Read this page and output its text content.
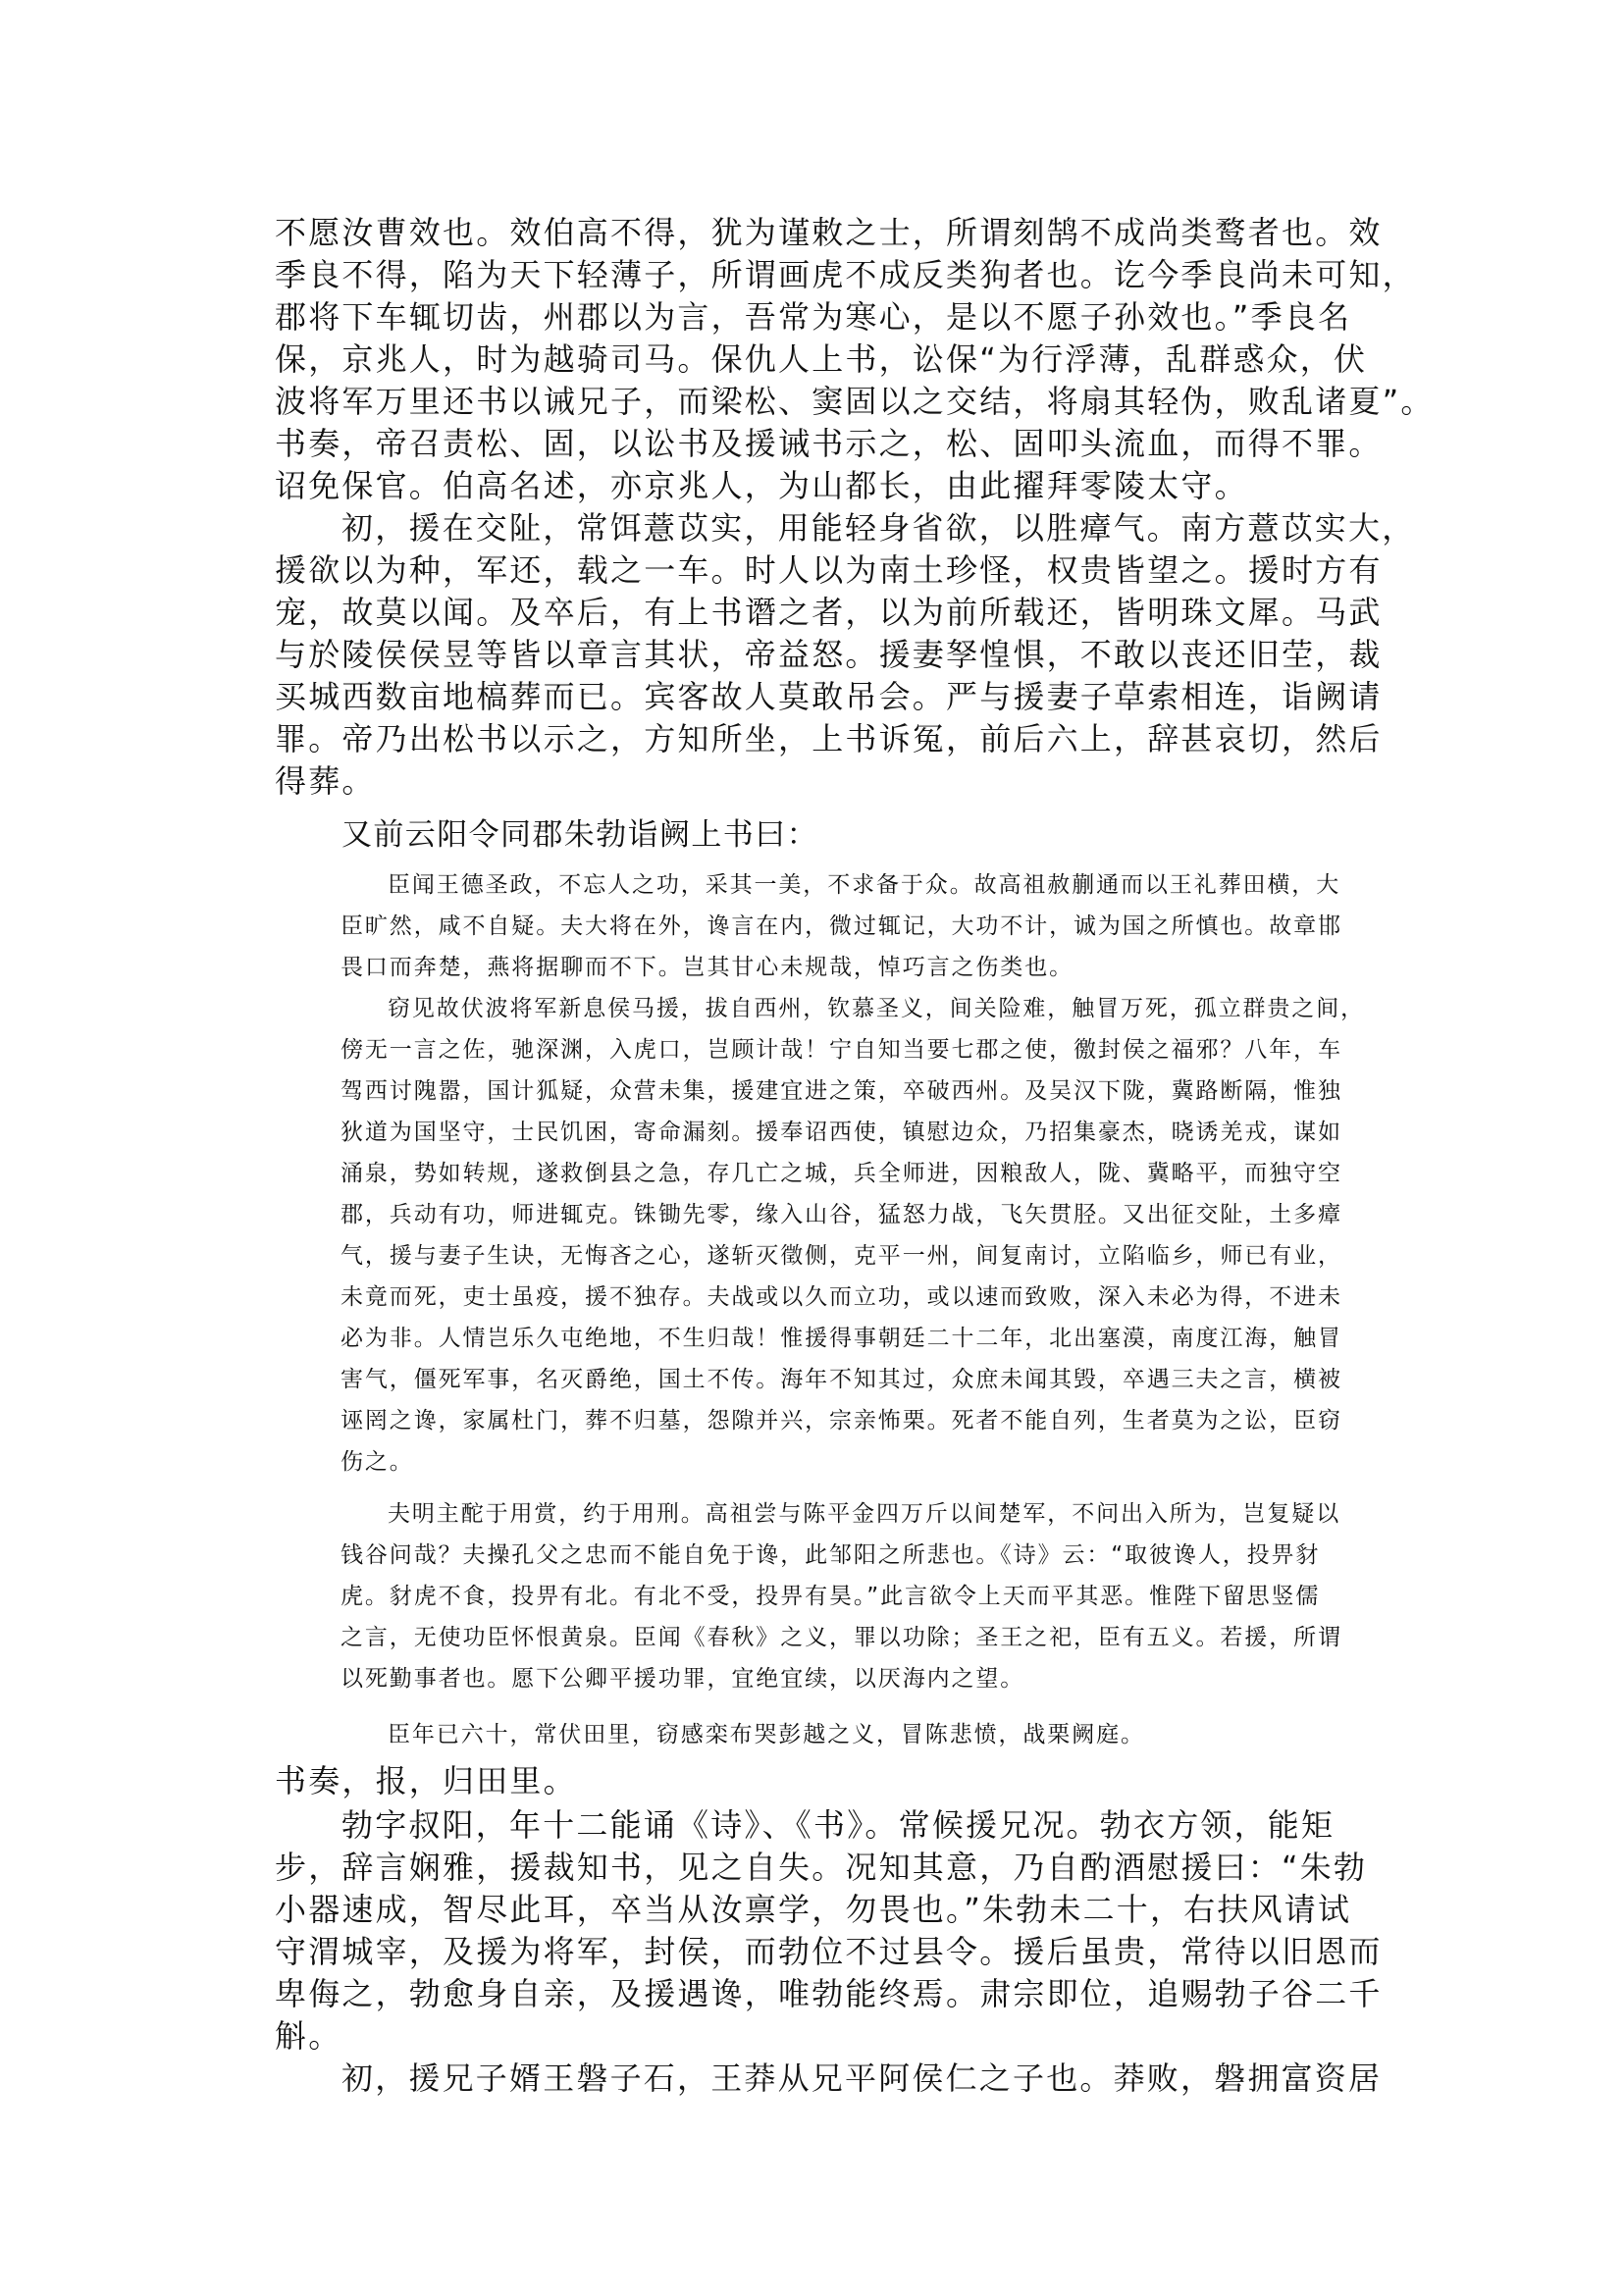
不愿汝曹效也。效伯高不得，犹为谨敕之士，所谓刻鹄不成尚类鹜者也。效
季良不得，陷为天下轻薄子，所谓画虎不成反类狗者也。讫今季良尚未可知，
郡将下车辄切齿，州郡以为言，吾常为寒心，是以不愿子孙效也。”季良名
保，京兆人，时为越骑司马。保仇人上书，讼保“为行浮薄，乱群惑众，伏
波将军万里还书以诫兄子，而梁松、窦固以之交结，将扇其轻伪，败乱诸夏”。
书奏，帝召责松、固，以讼书及援诫书示之，松、固叩头流血，而得不罪。
诏免保官。伯高名述，亦京兆人，为山都长，由此擢拜零陵太守。
初，援在交阯，常饵薏苡实，用能轻身省欲，以胜瘴气。南方薏苡实大，
援欲以为种，军还，载之一车。时人以为南土珍怪，权贵皆望之。援时方有
宠，故莫以闻。及卒后，有上书谮之者，以为前所载还，皆明珠文犀。马武
与於陵侯侯昱等皆以章言其状，帝益怒。援妻孥惶惧，不敢以丧还旧茔，裁
买城西数亩地槁葬而已。宾客故人莫敢吊会。严与援妻子草索相连，诣阙请
罪。帝乃出松书以示之，方知所坐，上书诉冤，前后六上，辞甚哀切，然后
得葬。
又前云阳令同郡朱勃诣阙上书曰：
臣闻王德圣政，不忘人之功，采其一美，不求备于众。故高祖赦蒯通而以王礼葬田横，大
臣旷然，咸不自疑。夫大将在外，谗言在内，微过辄记，大功不计，诚为国之所慎也。故章邯
畏口而奔楚，燕将据聊而不下。岂其甘心未规哉，悼巧言之伤类也。
窃见故伏波将军新息侯马援，拔自西州，钦慕圣义，间关险难，触冒万死，孤立群贵之间，
傍无一言之佐，驰深渊，入虎口，岂顾计哉！宁自知当要七郡之使，徼封侯之福邪？八年，车
驾西讨隗嚣，国计狐疑，众营未集，援建宜进之策，卒破西州。及吴汉下陇，冀路断隔，惟独
狄道为国坚守，士民饥困，寄命漏刻。援奉诏西使，镇慰边众，乃招集豪杰，晓诱羌戎，谋如
涌泉，势如转规，遂救倒县之急，存几亡之城，兵全师进，因粮敌人，陇、冀略平，而独守空
郡，兵动有功，师进辄克。铢锄先零，缘入山谷，猛怒力战，飞矢贯胫。又出征交阯，土多瘴
气，援与妻子生诀，无悔吝之心，遂斩灭徵侧，克平一州，间复南讨，立陷临乡，师已有业，
未竟而死，吏士虽疫，援不独存。夫战或以久而立功，或以速而致败，深入未必为得，不进未
必为非。人情岂乐久屯绝地，不生归哉！惟援得事朝廷二十二年，北出塞漠，南度江海，触冒
害气，僵死军事，名灭爵绝，国土不传。海年不知其过，众庶未闻其毁，卒遇三夫之言，横被
诬罔之谗，家属杜门，葬不归墓，怨隙并兴，宗亲怖栗。死者不能自列，生者莫为之讼，臣窃
伤之。
夫明主酡于用赏，约于用刑。高祖尝与陈平金四万斤以间楚军，不问出入所为，岂复疑以
钱谷问哉？夫操孔父之忠而不能自免于谗，此邹阳之所悲也。《诗》云：“取彼谗人，投畀豺
虎。豺虎不食，投畀有北。有北不受，投畀有昊。”此言欲令上天而平其恶。惟陛下留思竖儒
之言，无使功臣怀恨黄泉。臣闻《春秋》之义，罪以功除；圣王之祀，臣有五义。若援，所谓
以死勤事者也。愿下公卿平援功罪，宜绝宜续，以厌海内之望。
臣年已六十，常伏田里，窃感栾布哭彭越之义，冒陈悲愤，战栗阙庭。
书奏，报，归田里。
勃字叔阳，年十二能诵《诗》、《书》。常候援兄况。勃衣方领，能矩
步，辞言娴雅，援裁知书，见之自失。况知其意，乃自酌酒慰援曰：“朱勃
小器速成，智尽此耳，卒当从汝禀学，勿畏也。”朱勃未二十，右扶风请试
守渭城宰，及援为将军，封侯，而勃位不过县令。援后虽贵，常待以旧恩而
卑侮之，勃愈身自亲，及援遇谗，唯勃能终焉。肃宗即位，追赐勃子谷二千
斛。
初，援兄子婿王磐子石，王莽从兄平阿侯仁之子也。莽败，磐拥富资居
